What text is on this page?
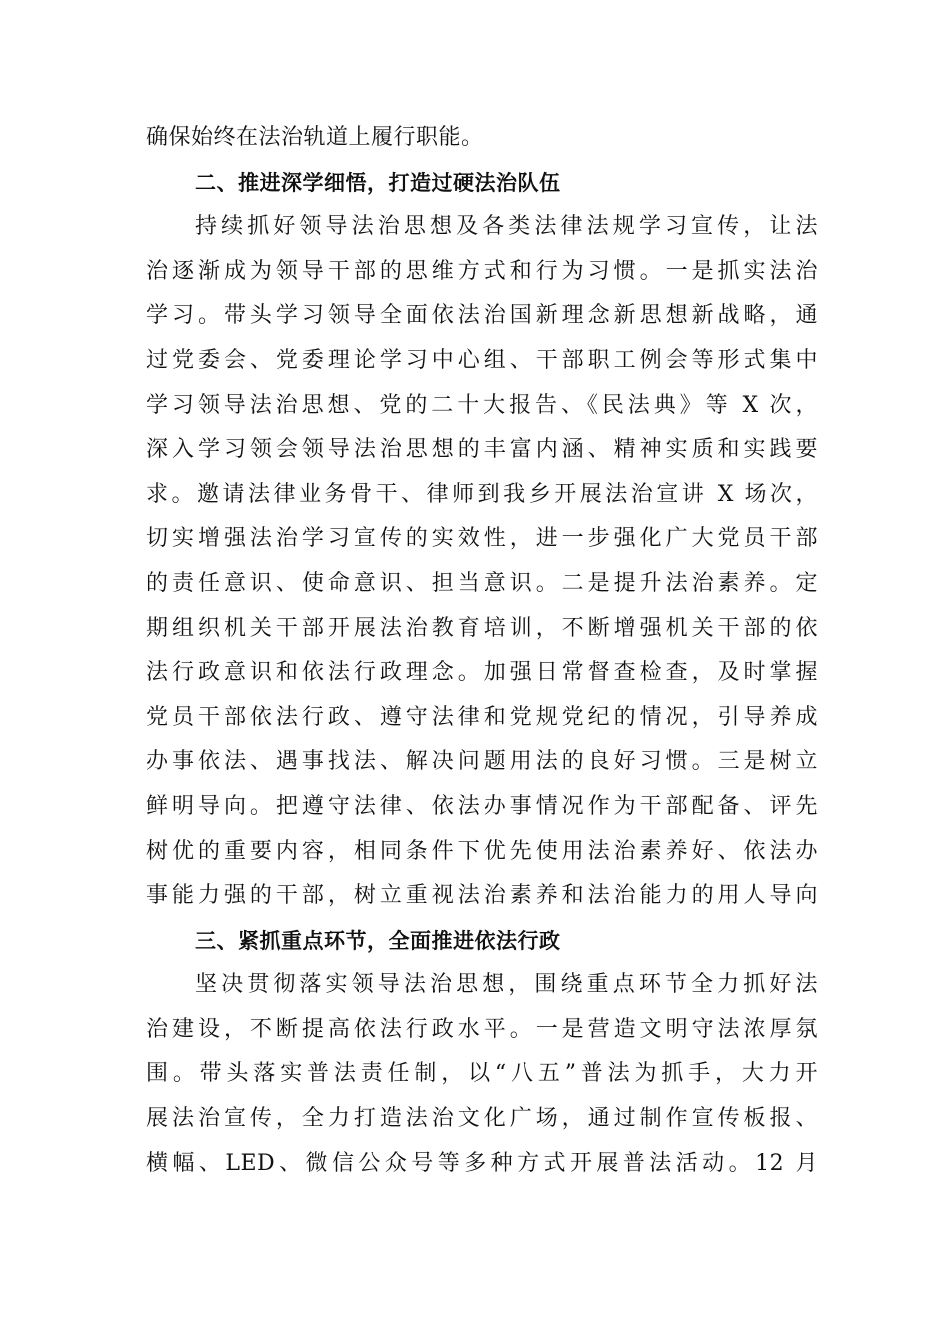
确保始终在法治轨道上履行职能。
二、推进深学细悟，打造过硬法治队伍
持续抓好领导法治思想及各类法律法规学习宣传，让法
治逐渐成为领导干部的思维方式和行为习惯。一是抓实法治
学习。带头学习领导全面依法治国新理念新思想新战略，通
过党委会、党委理论学习中心组、干部职工例会等形式集中
学习领导法治思想、党的二十大报告、《民法典》等 X 次，
深入学习领会领导法治思想的丰富内涵、精神实质和实践要
求。邀请法律业务骨干、律师到我乡开展法治宣讲 X 场次，
切实增强法治学习宣传的实效性，进一步强化广大党员干部
的责任意识、使命意识、担当意识。二是提升法治素养。定
期组织机关干部开展法治教育培训，不断增强机关干部的依
法行政意识和依法行政理念。加强日常督查检查，及时掌握
党员干部依法行政、遵守法律和党规党纪的情况，引导养成
办事依法、遇事找法、解决问题用法的良好习惯。三是树立
鲜明导向。把遵守法律、依法办事情况作为干部配备、评先
树优的重要内容，相同条件下优先使用法治素养好、依法办
事能力强的干部，树立重视法治素养和法治能力的用人导向
三、紧抓重点环节，全面推进依法行政
坚决贯彻落实领导法治思想，围绕重点环节全力抓好法
治建设，不断提高依法行政水平。一是营造文明守法浓厚氛
围。带头落实普法责任制，以“八五”普法为抓手，大力开
展法治宣传，全力打造法治文化广场，通过制作宣传板报、
横幅、LED、微信公众号等多种方式开展普法活动。12 月
